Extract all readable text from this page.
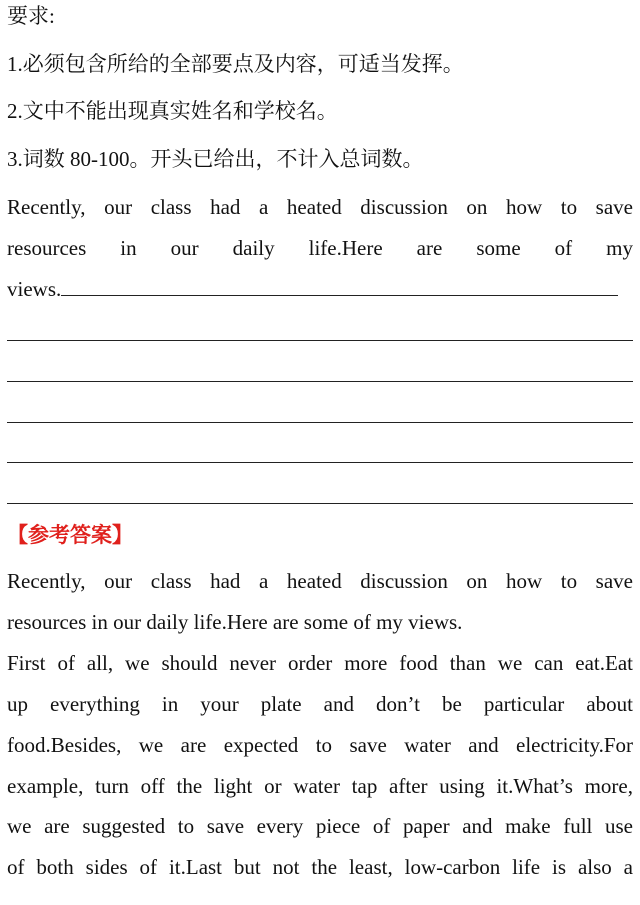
要求:
1.必须包含所给的全部要点及内容，可适当发挥。
2.文中不能出现真实姓名和学校名。
3.词数 80-100。开头已给出，不计入总词数。
Recently, our class had a heated discussion on how to save
resources in our daily life.Here are some of my
views.
【参考答案】
Recently, our class had a heated discussion on how to save
resources in our daily life.Here are some of my views.
First of all, we should never order more food than we can eat.Eat
up everything in your plate and don’t be particular about
food.Besides, we are expected to save water and electricity.For
example, turn off the light or water tap after using it.What’s more,
we are suggested to save every piece of paper and make full use
of both sides of it.Last but not the least, low-carbon life is also a
